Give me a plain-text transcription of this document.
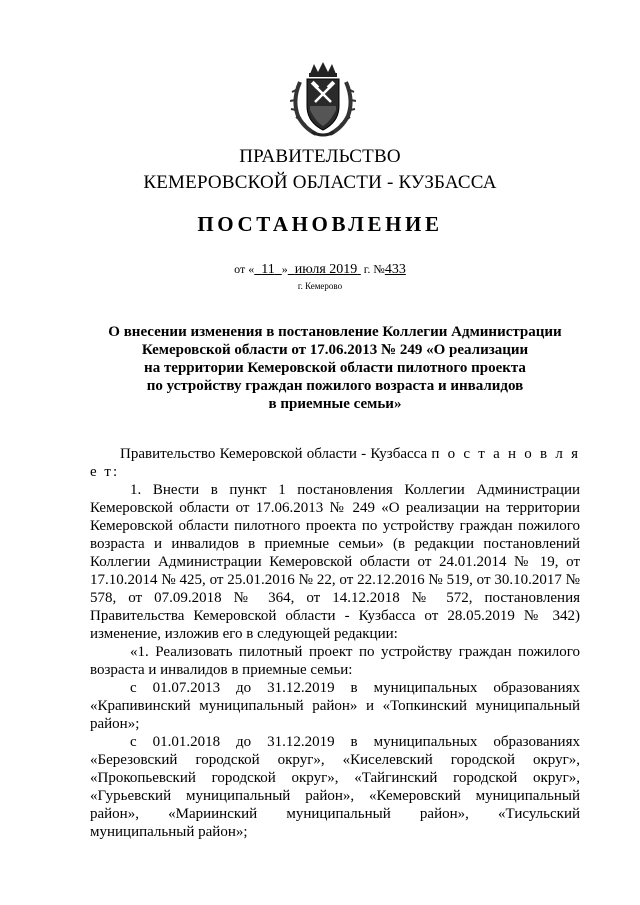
ПРАВИТЕЛЬСТВО
КЕМЕРОВСКОЙ ОБЛАСТИ - КУЗБАССА
ПОСТАНОВЛЕНИЕ
от « 11 » июля 2019 г. №433
г. Кемерово
О внесении изменения в постановление Коллегии Администрации
Кемеровской области от 17.06.2013 № 249 «О реализации
на территории Кемеровской области пилотного проекта
по устройству граждан пожилого возраста и инвалидов
в приемные семьи»

Правительство Кемеровской области - Кузбасса п о с т а н о в л я е т:

1. Внести в пункт 1 постановления Коллегии Администрации Кемеровской области от 17.06.2013 № 249 «О реализации на территории Кемеровской области пилотного проекта по устройству граждан пожилого возраста и инвалидов в приемные семьи» (в редакции постановлений Коллегии Администрации Кемеровской области от 24.01.2014 № 19, от 17.10.2014 № 425, от 25.01.2016 № 22, от 22.12.2016 № 519, от 30.10.2017 № 578, от 07.09.2018 № 364, от 14.12.2018 № 572, постановления Правительства Кемеровской области - Кузбасса от 28.05.2019 № 342) изменение, изложив его в следующей редакции:

«1. Реализовать пилотный проект по устройству граждан пожилого возраста и инвалидов в приемные семьи:

с 01.07.2013 до 31.12.2019 в муниципальных образованиях «Крапивинский муниципальный район» и «Топкинский муниципальный район»;

с 01.01.2018 до 31.12.2019 в муниципальных образованиях «Березовский городской округ», «Киселевский городской округ», «Прокопьевский городской округ», «Тайгинский городской округ», «Гурьевский муниципальный район», «Кемеровский муниципальный район», «Мариинский муниципальный район», «Тисульский муниципальный район»;
